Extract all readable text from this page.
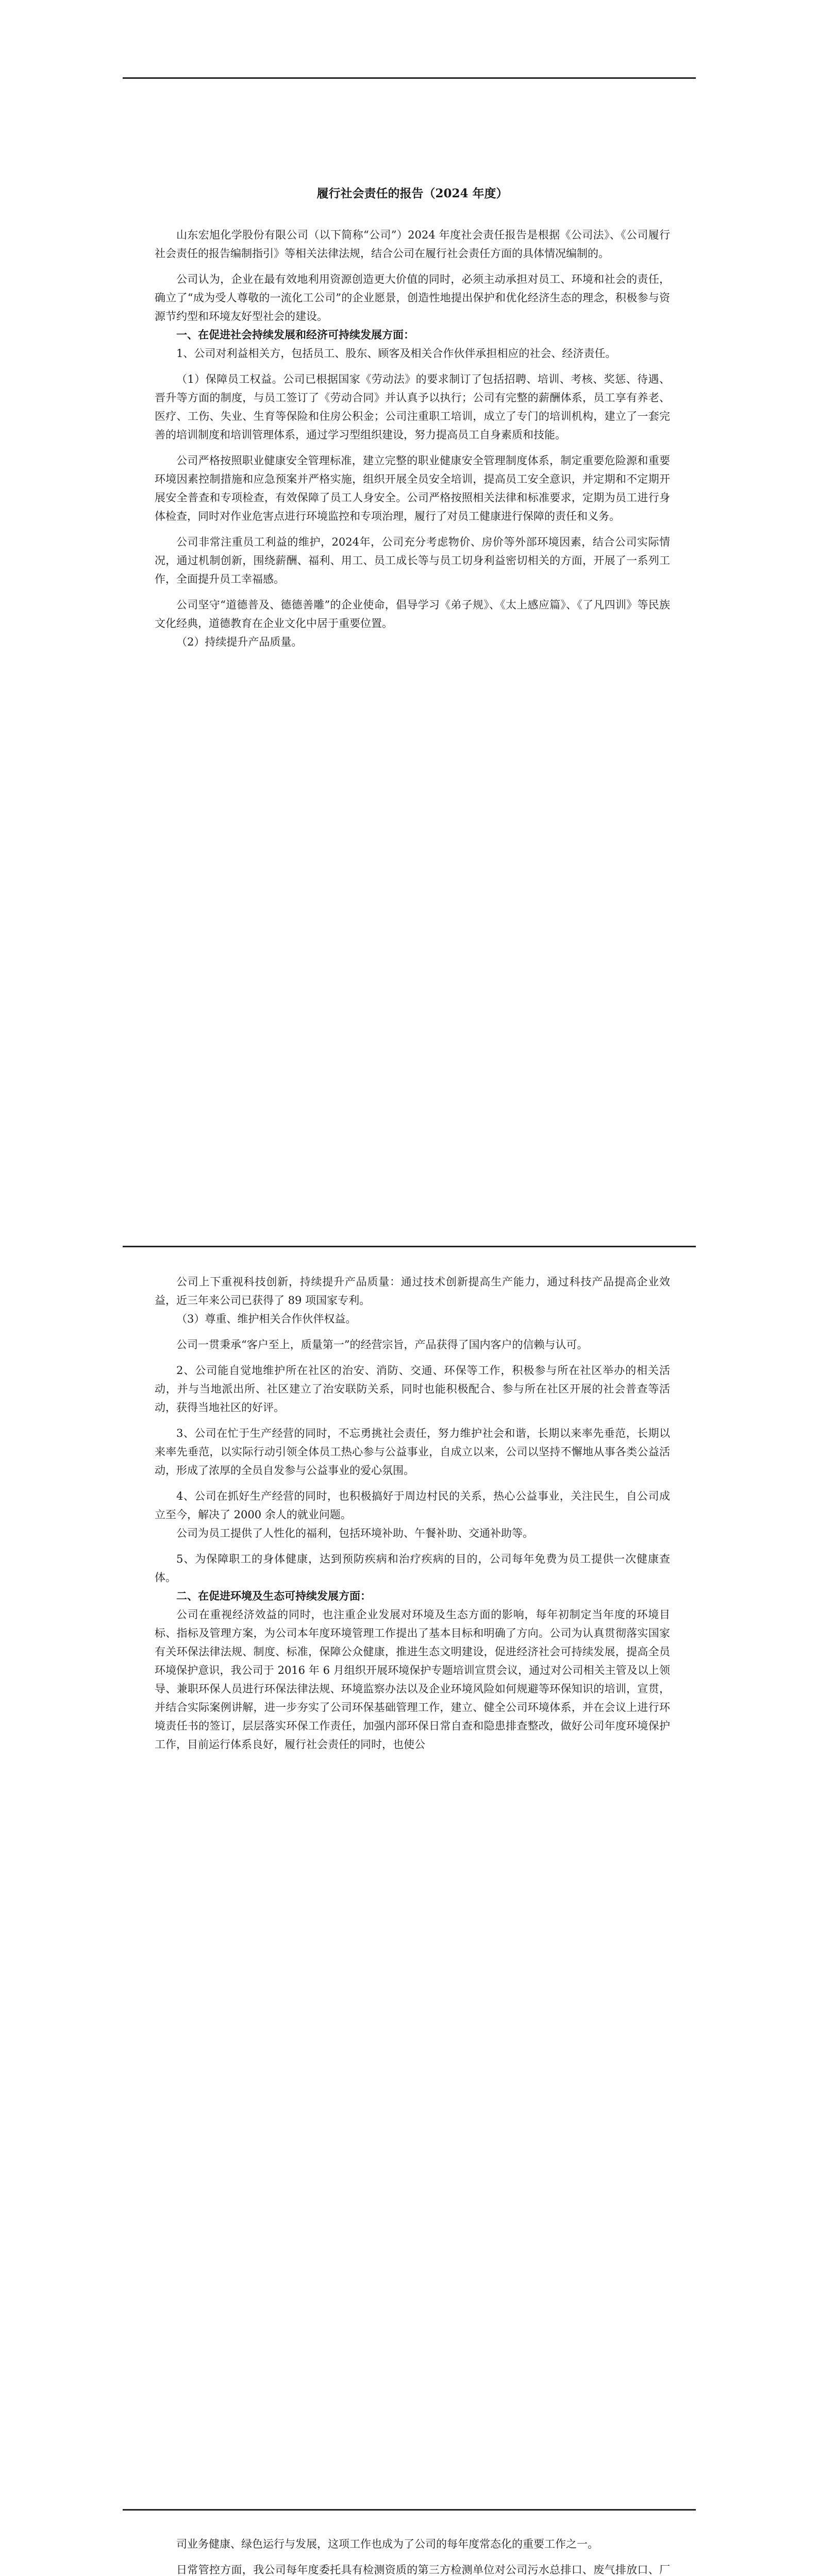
履行社会责任的报告（2024 年度）

山东宏旭化学股份有限公司（以下简称“公司”）2024 年度社会责任报告是根据《公司法》、《公司履行社会责任的报告编制指引》等相关法律法规，结合公司在履行社会责任方面的具体情况编制的。

公司认为，企业在最有效地利用资源创造更大价值的同时，必须主动承担对员工、环境和社会的责任，确立了“成为受人尊敬的一流化工公司”的企业愿景，创造性地提出保护和优化经济生态的理念，积极参与资源节约型和环境友好型社会的建设。

一、在促进社会持续发展和经济可持续发展方面：

1、公司对利益相关方，包括员工、股东、顾客及相关合作伙伴承担相应的社会、经济责任。

（1）保障员工权益。公司已根据国家《劳动法》的要求制订了包括招聘、培训、考核、奖惩、待遇、晋升等方面的制度，与员工签订了《劳动合同》并认真予以执行；公司有完整的薪酬体系，员工享有养老、医疗、工伤、失业、生育等保险和住房公积金；公司注重职工培训，成立了专门的培训机构，建立了一套完善的培训制度和培训管理体系，通过学习型组织建设，努力提高员工自身素质和技能。

公司严格按照职业健康安全管理标准，建立完整的职业健康安全管理制度体系，制定重要危险源和重要环境因素控制措施和应急预案并严格实施，组织开展全员安全培训，提高员工安全意识，并定期和不定期开展安全普查和专项检查，有效保障了员工人身安全。公司严格按照相关法律和标准要求，定期为员工进行身体检查，同时对作业危害点进行环境监控和专项治理，履行了对员工健康进行保障的责任和义务。

公司非常注重员工利益的维护，2024年，公司充分考虑物价、房价等外部环境因素，结合公司实际情况，通过机制创新，围绕薪酬、福利、用工、员工成长等与员工切身利益密切相关的方面，开展了一系列工作，全面提升员工幸福感。

公司坚守“道德普及、德德善雕”的企业使命，倡导学习《弟子规》、《太上感应篇》、《了凡四训》等民族文化经典，道德教育在企业文化中居于重要位置。

（2）持续提升产品质量。

公司上下重视科技创新，持续提升产品质量：通过技术创新提高生产能力，通过科技产品提高企业效益，近三年来公司已获得了 89 项国家专利。

（3）尊重、维护相关合作伙伴权益。

公司一贯秉承“客户至上，质量第一”的经营宗旨，产品获得了国内客户的信赖与认可。

2、公司能自觉地维护所在社区的治安、消防、交通、环保等工作，积极参与所在社区举办的相关活动，并与当地派出所、社区建立了治安联防关系，同时也能积极配合、参与所在社区开展的社会普查等活动，获得当地社区的好评。

3、公司在忙于生产经营的同时，不忘勇挑社会责任，努力维护社会和谐，长期以来率先垂范，长期以来率先垂范，以实际行动引领全体员工热心参与公益事业，自成立以来，公司以坚持不懈地从事各类公益活动，形成了浓厚的全员自发参与公益事业的爱心氛围。

4、公司在抓好生产经营的同时，也积极搞好于周边村民的关系，热心公益事业，关注民生，自公司成立至今，解决了 2000 余人的就业问题。

公司为员工提供了人性化的福利，包括环境补助、午餐补助、交通补助等。

5、为保障职工的身体健康，达到预防疾病和治疗疾病的目的，公司每年免费为员工提供一次健康查体。

二、在促进环境及生态可持续发展方面：

公司在重视经济效益的同时，也注重企业发展对环境及生态方面的影响，每年初制定当年度的环境目标、指标及管理方案，为公司本年度环境管理工作提出了基本目标和明确了方向。公司为认真贯彻落实国家有关环保法律法规、制度、标准，保障公众健康，推进生态文明建设，促进经济社会可持续发展，提高全员环境保护意识，我公司于 2016 年 6 月组织开展环境保护专题培训宣贯会议，通过对公司相关主管及以上领导、兼职环保人员进行环保法律法规、环境监察办法以及企业环境风险如何规避等环保知识的培训，宣贯，并结合实际案例讲解，进一步夯实了公司环保基础管理工作，建立、健全公司环境体系，并在会议上进行环境责任书的签订，层层落实环保工作责任，加强内部环保日常自查和隐患排查整改，做好公司年度环境保护工作，目前运行体系良好，履行社会责任的同时，也使公

司业务健康、绿色运行与发展，这项工作也成为了公司的每年度常态化的重要工作之一。

日常管控方面，我公司每年度委托具有检测资质的第三方检测单位对公司污水总排口、废气排放口、厂
